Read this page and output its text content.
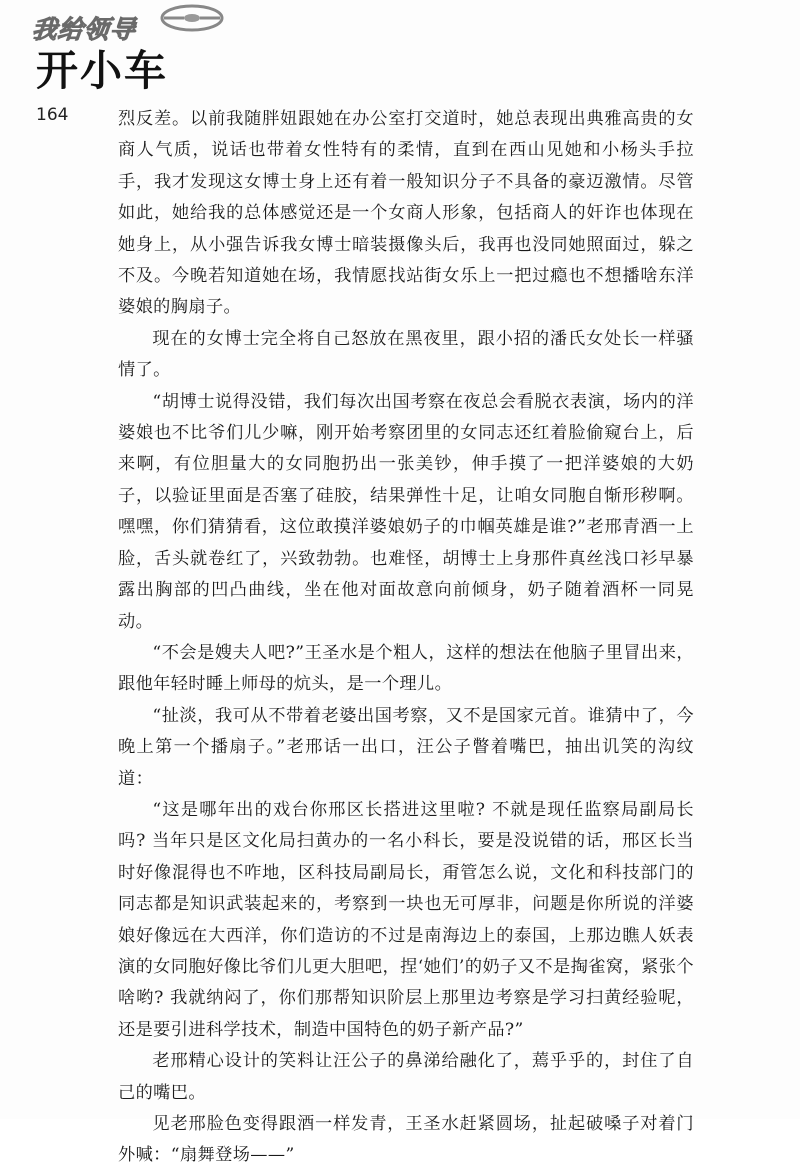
我给领导
开小车
164	烈反差。以前我随胖妞跟她在办公室打交道时，她总表现出典雅高贵的女商人气质，说话也带着女性特有的柔情，直到在西山见她和小杨头手拉手，我才发现这女博士身上还有着一般知识分子不具备的豪迈激情。尽管如此，她给我的总体感觉还是一个女商人形象，包括商人的奸诈也体现在她身上，从小强告诉我女博士暗装摄像头后，我再也没同她照面过，躲之不及。今晚若知道她在场，我情愿找站街女乐上一把过瘾也不想播啥东洋婆娘的胸扇子。

现在的女博士完全将自己怒放在黑夜里，跟小招的潘氏女处长一样骚情了。

“胡博士说得没错，我们每次出国考察在夜总会看脱衣表演，场内的洋婆娘也不比爷们儿少嘛，刚开始考察团里的女同志还红着脸偷窥台上，后来啊，有位胆量大的女同胞扔出一张美钞，伸手摸了一把洋婆娘的大奶子，以验证里面是否塞了硅胶，结果弹性十足，让咱女同胞自惭形秽啊。嘿嘿，你们猜猜看，这位敢摸洋婆娘奶子的巾帼英雄是谁?”老邢青酒一上脸，舌头就卷红了，兴致勃勃。也难怪，胡博士上身那件真丝浅口衫早暴露出胸部的凹凸曲线，坐在他对面故意向前倾身，奶子随着酒杯一同晃动。

“不会是嫂夫人吧?”王圣水是个粗人，这样的想法在他脑子里冒出来，跟他年轻时睡上师母的炕头，是一个理儿。

“扯淡，我可从不带着老婆出国考察，又不是国家元首。谁猜中了，今晚上第一个播扇子。”老邢话一出口，汪公子瞥着嘴巴，抽出讥笑的沟纹道：

“这是哪年出的戏台你邢区长搭进这里啦? 不就是现任监察局副局长吗? 当年只是区文化局扫黄办的一名小科长，要是没说错的话，邢区长当时好像混得也不咋地，区科技局副局长，甭管怎么说，文化和科技部门的同志都是知识武装起来的，考察到一块也无可厚非，问题是你所说的洋婆娘好像远在大西洋，你们造访的不过是南海边上的泰国，上那边瞧人妖表演的女同胞好像比爷们儿更大胆吧，捏‘她们’的奶子又不是掏雀窝，紧张个啥哟? 我就纳闷了，你们那帮知识阶层上那里边考察是学习扫黄经验呢，还是要引进科学技术，制造中国特色的奶子新产品?”

老邢精心设计的笑料让汪公子的鼻涕给融化了，蔫乎乎的，封住了自己的嘴巴。

见老邢脸色变得跟酒一样发青，王圣水赶紧圆场，扯起破嗓子对着门外喊：“扇舞登场——”
